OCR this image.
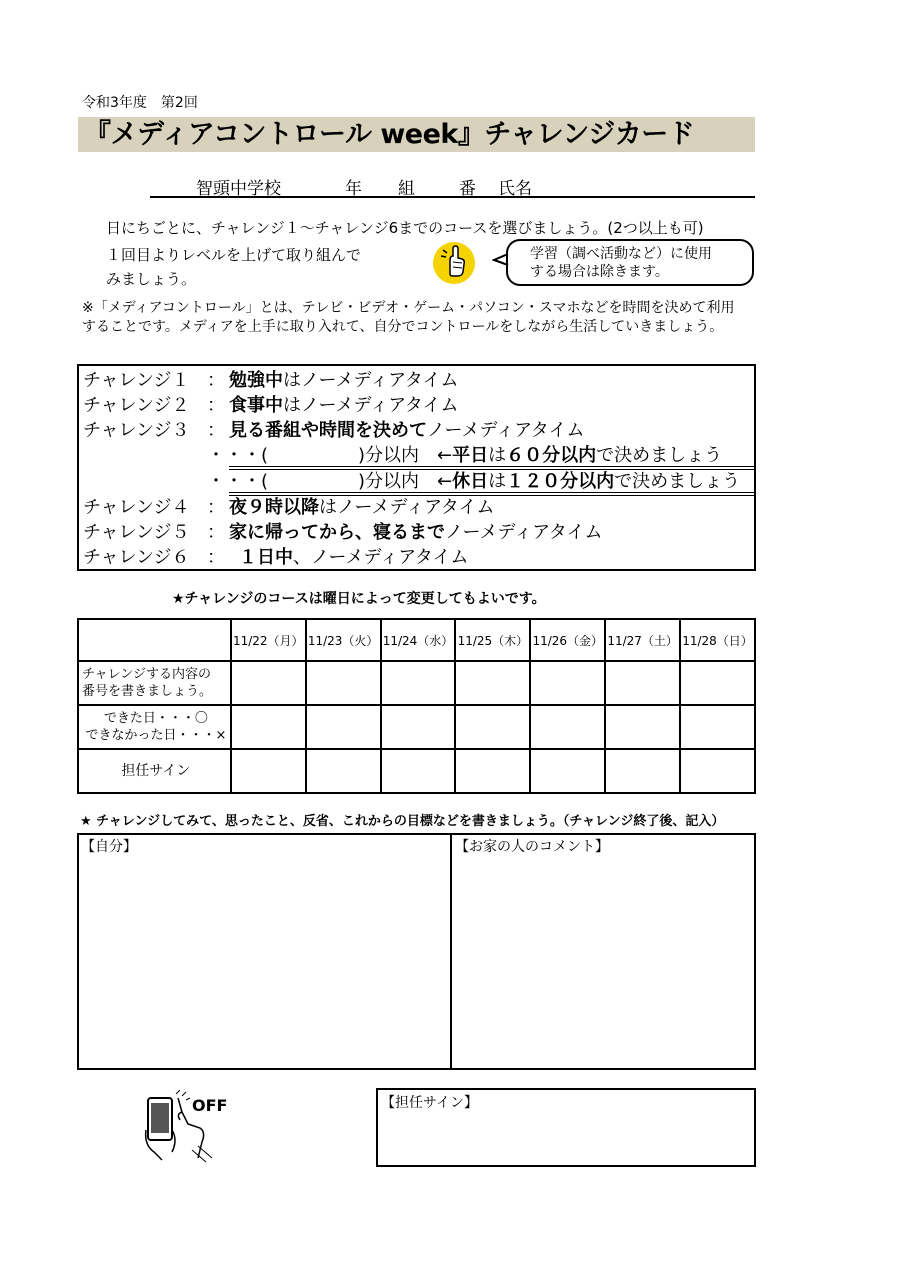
令和3年度　第2回
『メディアコントロール week』チャレンジカード
智頭中学校	年 組	番 氏名
日にちごとに、チャレンジ１～チャレンジ6までのコースを選びましょう。(2つ以上も可)
１回目よりレベルを上げて取り組んで
みましょう。
学習（調べ活動など）に使用
する場合は除きます。
※「メディアコントロール」とは、テレビ・ビデオ・ゲーム・パソコン・スマホなどを時間を決めて利用
することです。メディアを上手に取り入れて、自分でコントロールをしながら生活していきましょう。
チャレンジ１ ： 勉強中はノーメディアタイム
チャレンジ２ ： 食事中はノーメディアタイム
チャレンジ３ ： 見る番組や時間を決めてノーメディアタイム
・・・(　　　　　)分以内　←平日は６０分以内で決めましょう
・・・(　　　　　)分以内　←休日は１２０分以内で決めましょう
チャレンジ４ ： 夜９時以降はノーメディアタイム
チャレンジ５ ： 家に帰ってから、寝るまでノーメディアタイム
チャレンジ６ ： １日中、ノーメディアタイム
★チャレンジのコースは曜日によって変更してもよいです。
	11/22（月）	11/23（火）	11/24（水）	11/25（木）	11/26（金）	11/27（土）	11/28（日）

チャレンジする内容の
番号を書きましょう。							

できた日・・・〇
できなかった日・・・×							

担任サイン							
★ チャレンジしてみて、思ったこと、反省、これからの目標などを書きましょう。（チャレンジ終了後、記入）
【自分】	【お家の人のコメント】
OFF	【担任サイン】
